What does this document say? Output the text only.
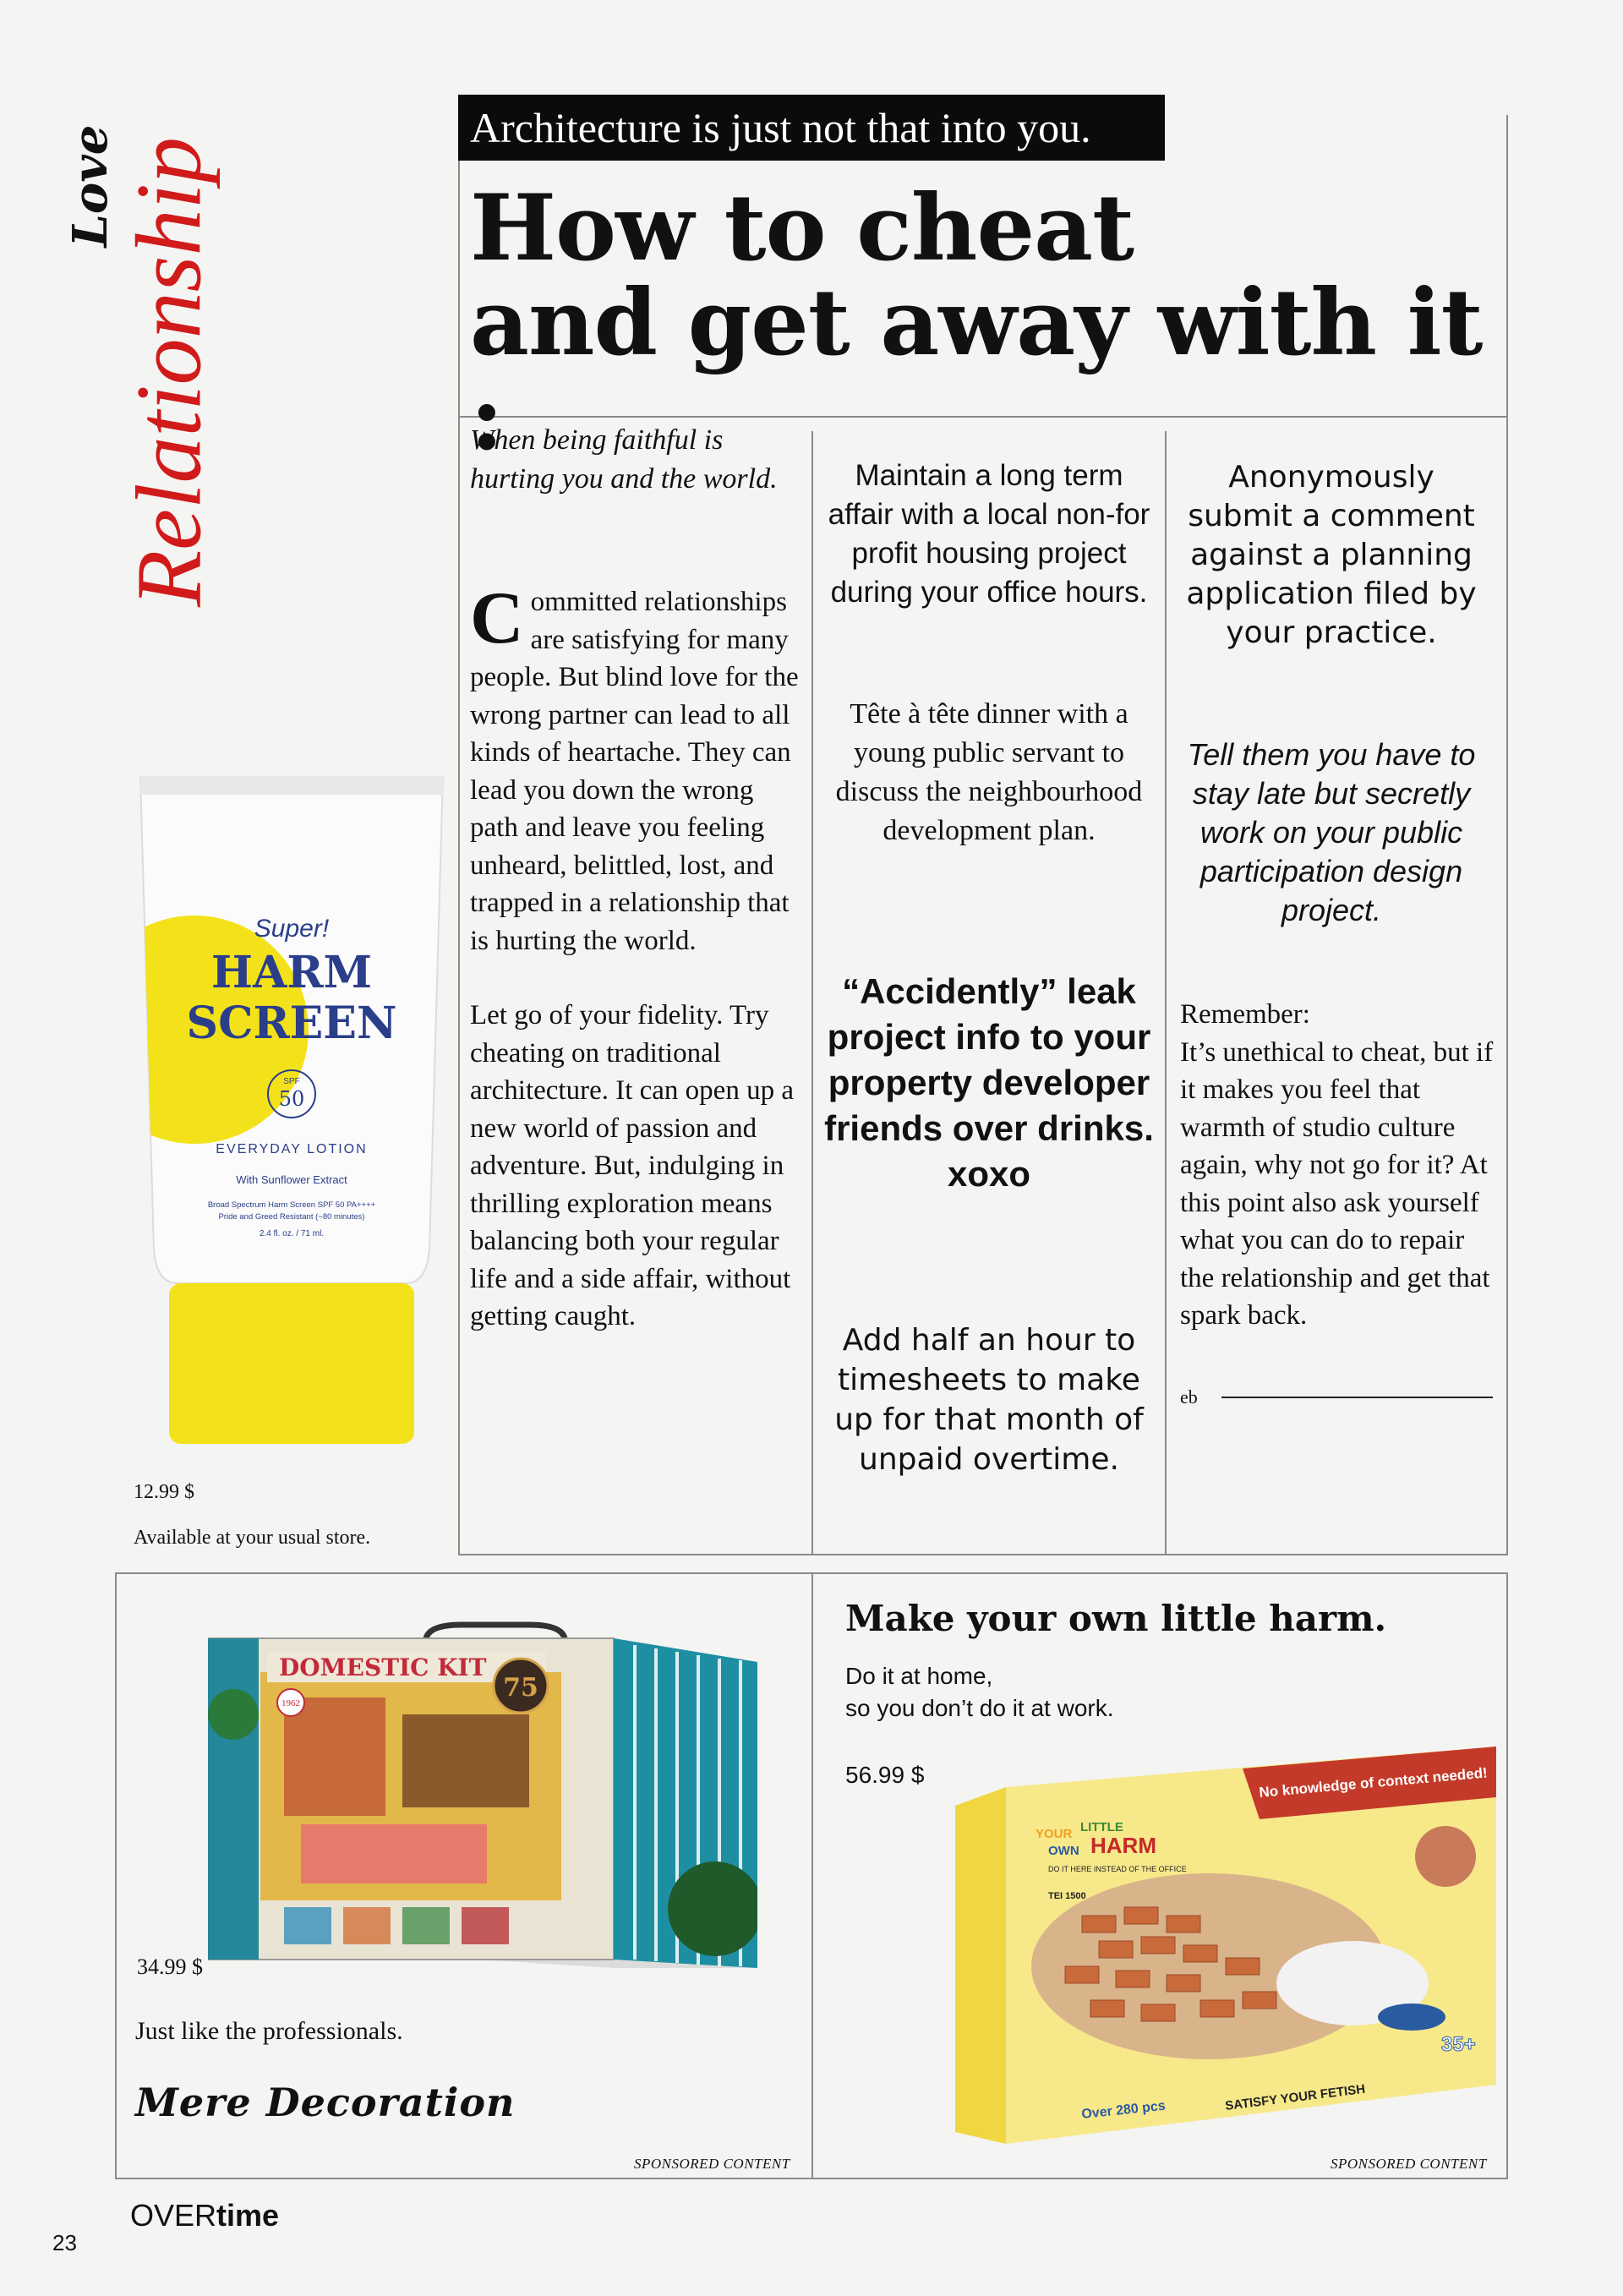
Love
Relationship
Architecture is just not that into you.
How to cheat
and get away with it :
When being faithful is hurting you and the world.

Committed relationships are satisfying for many people. But blind love for the wrong partner can lead to all kinds of heartache. They can lead you down the wrong path and leave you feeling unheard, belittled, lost, and trapped in a relationship that is hurting the world.

Let go of your fidelity. Try cheating on traditional architecture. It can open up a new world of passion and adventure. But, indulging in thrilling exploration means balancing both your regular life and a side affair, without getting caught.

Maintain a long term affair with a local non-for profit housing project during your office hours.
Tête à tête dinner with a young public servant to discuss the neighbourhood development plan.
“Accidently” leak project info to your property developer friends over drinks. xoxo
Add half an hour to timesheets to make up for that month of unpaid overtime.
Anonymously submit a comment against a planning application filed by your practice.
Tell them you have to stay late but secretly work on your public participation design project.
Remember:
It’s unethical to cheat, but if it makes you feel that warmth of studio culture again, why not go for it? At this point also ask yourself what you can do to repair the relationship and get that spark back.
eb
Super!
HARM
SCREEN
SPF
50
EVERYDAY LOTION
With Sunflower Extract
Broad Spectrum Harm Screen SPF 50 PA++++
Pride and Greed Resistant (~80 minutes)
2.4 fl. oz. / 71 ml.
12.99 $
Available at your usual store.
DOMESTIC KIT
1962
75
34.99 $
Just like the professionals.
Mere Decoration
SPONSORED CONTENT
Make your own little harm.
Do it at home,
so you don’t do it at work.
56.99 $	No knowledge of context needed!
YOUR LITTLE
OWN HARM
DO IT HERE INSTEAD OF THE OFFICE
TEI 1500
35+
Over 280 pcs	SATISFY YOUR FETISH
SPONSORED CONTENT
OVERtime
23
